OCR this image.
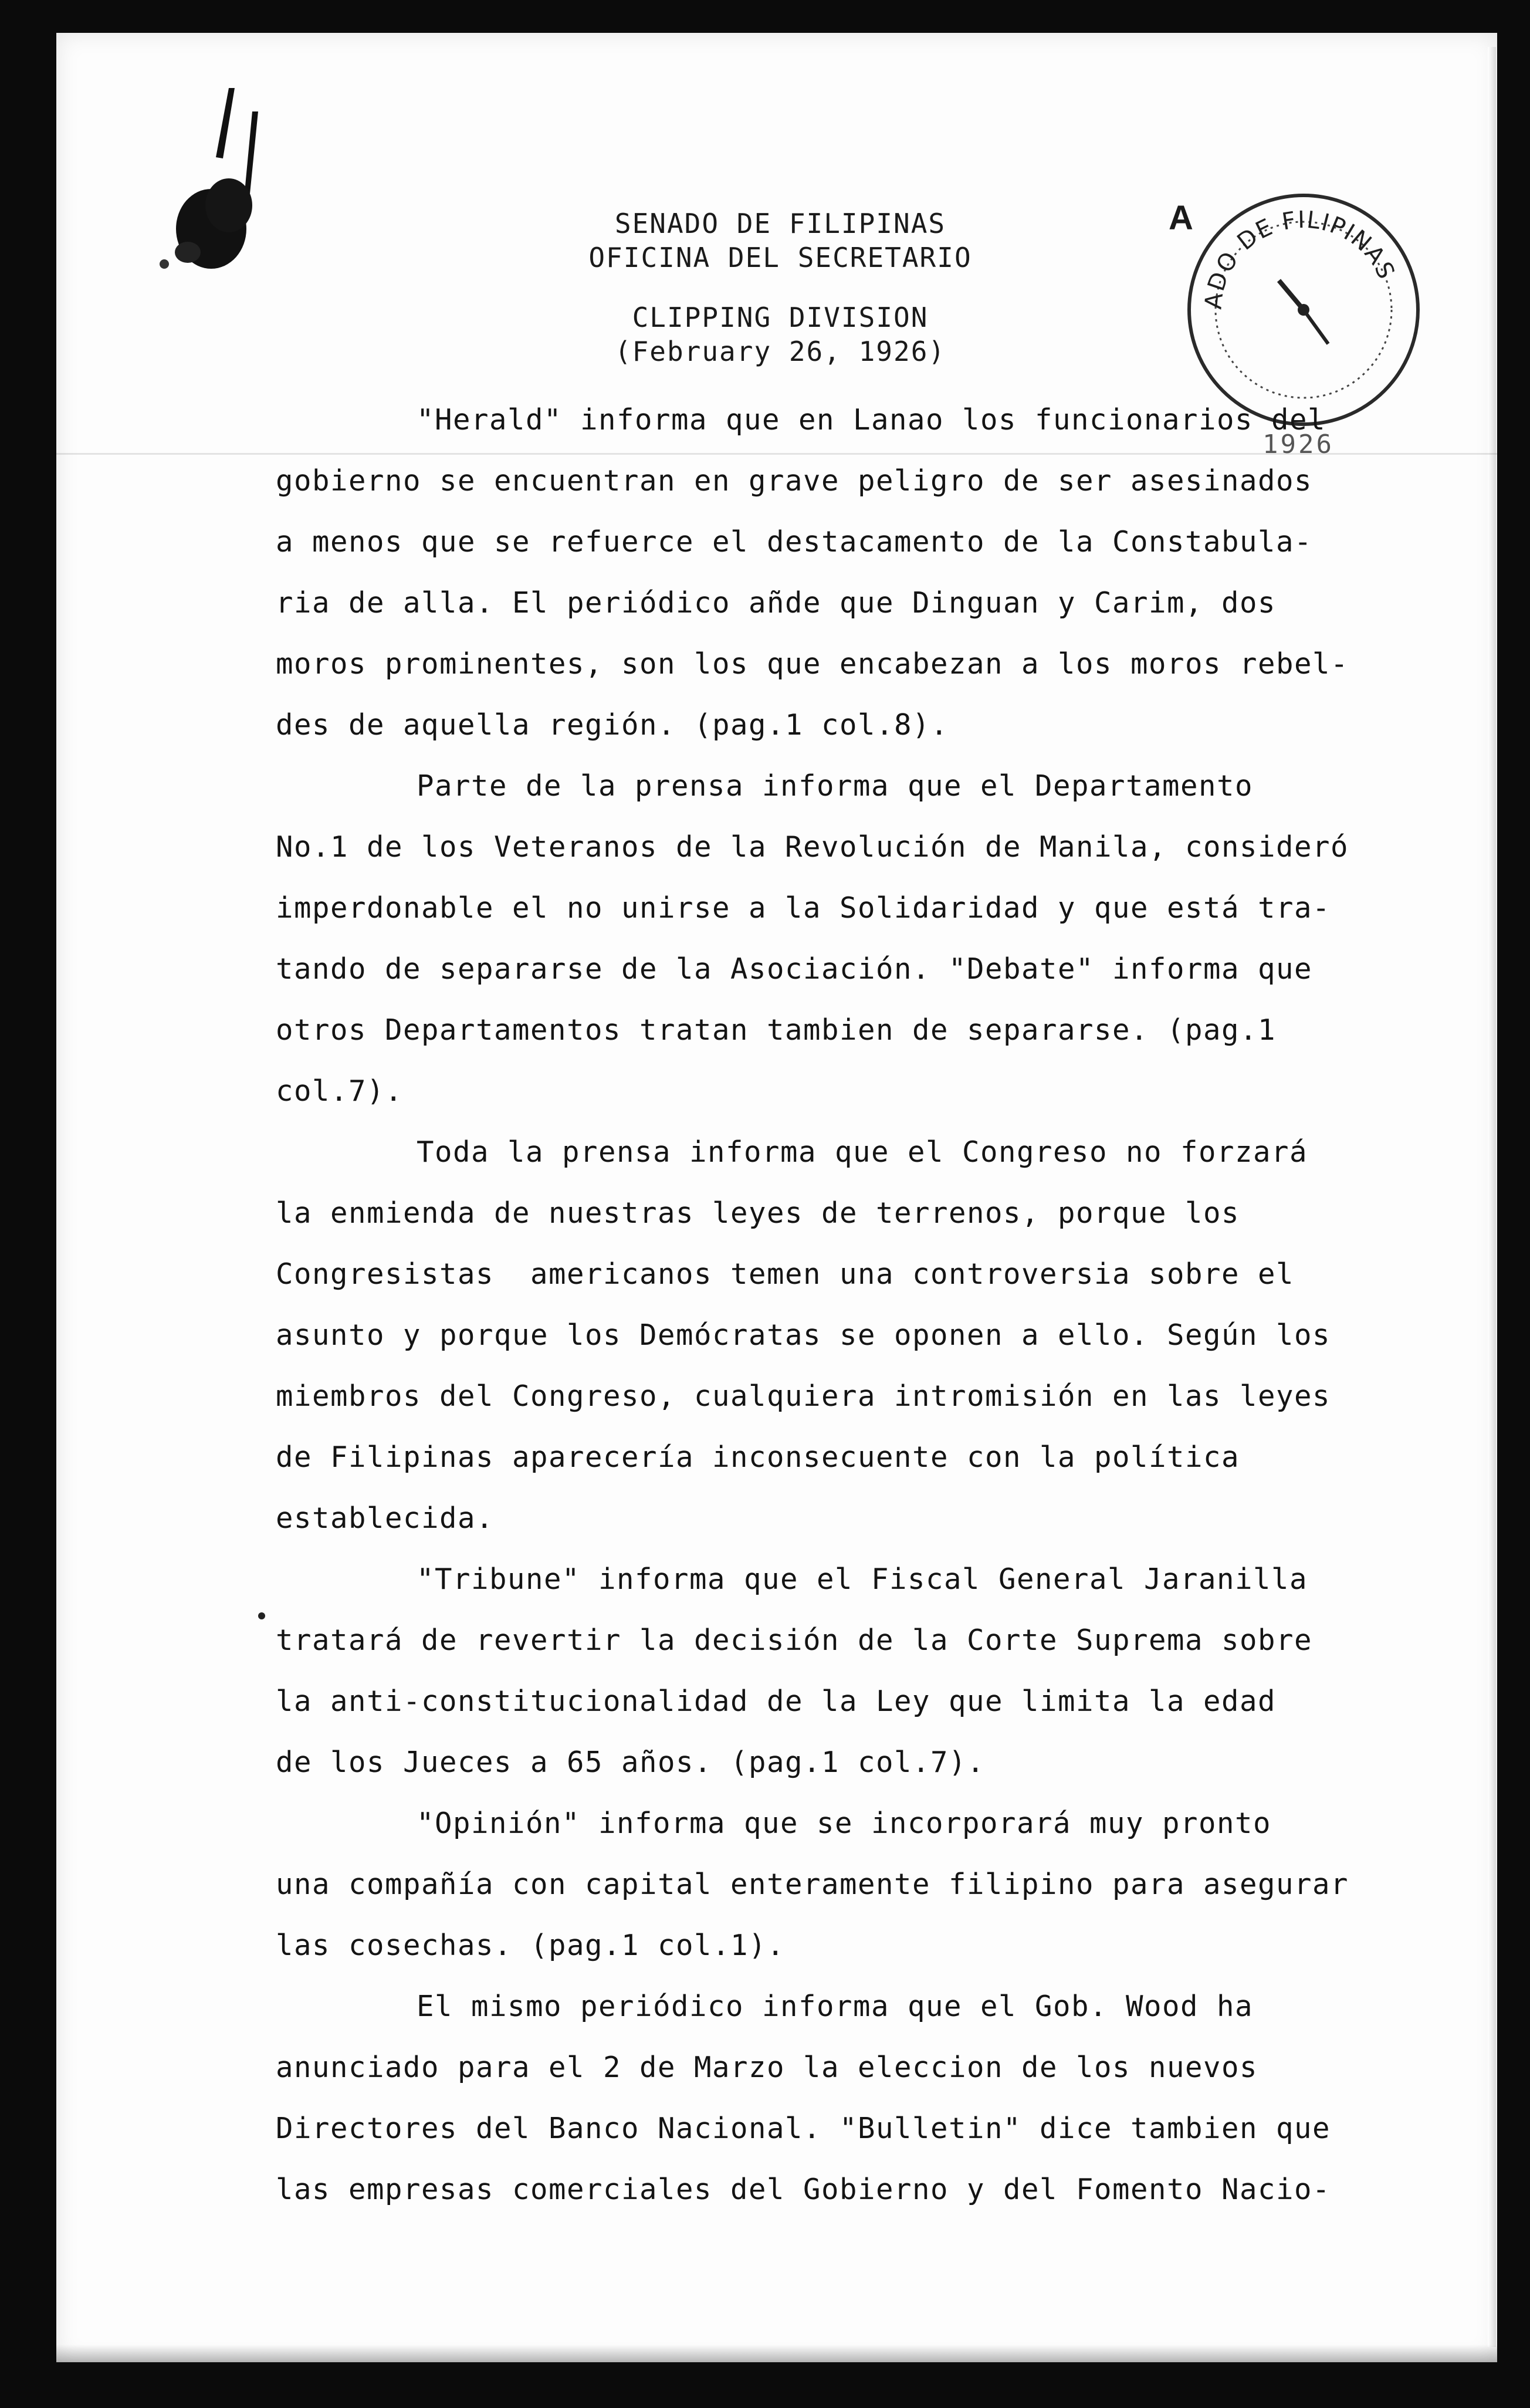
SENADO DE FILIPINAS
OFICINA DEL SECRETARIO
CLIPPING DIVISION
(February 26, 1926)
A
ADO DE FILIPINAS
1926
"Herald" informa que en Lanao los funcionarios del
gobierno se encuentran en grave peligro de ser asesinados
a menos que se refuerce el destacamento de la Constabula-
ria de alla. El periódico añde que Dinguan y Carim, dos
moros prominentes, son los que encabezan a los moros rebel-
des de aquella región. (pag.1 col.8).
Parte de la prensa informa que el Departamento
No.1 de los Veteranos de la Revolución de Manila, consideró
imperdonable el no unirse a la Solidaridad y que está tra-
tando de separarse de la Asociación. "Debate" informa que
otros Departamentos tratan tambien de separarse. (pag.1
col.7).
Toda la prensa informa que el Congreso no forzará
la enmienda de nuestras leyes de terrenos, porque los
Congresistas  americanos temen una controversia sobre el
asunto y porque los Demócratas se oponen a ello. Según los
miembros del Congreso, cualquiera intromisión en las leyes
de Filipinas aparecería inconsecuente con la política
establecida.
"Tribune" informa que el Fiscal General Jaranilla
tratará de revertir la decisión de la Corte Suprema sobre
la anti-constitucionalidad de la Ley que limita la edad
de los Jueces a 65 años. (pag.1 col.7).
"Opinión" informa que se incorporará muy pronto
una compañía con capital enteramente filipino para asegurar
las cosechas. (pag.1 col.1).
El mismo periódico informa que el Gob. Wood ha
anunciado para el 2 de Marzo la eleccion de los nuevos
Directores del Banco Nacional. "Bulletin" dice tambien que
las empresas comerciales del Gobierno y del Fomento Nacio-
